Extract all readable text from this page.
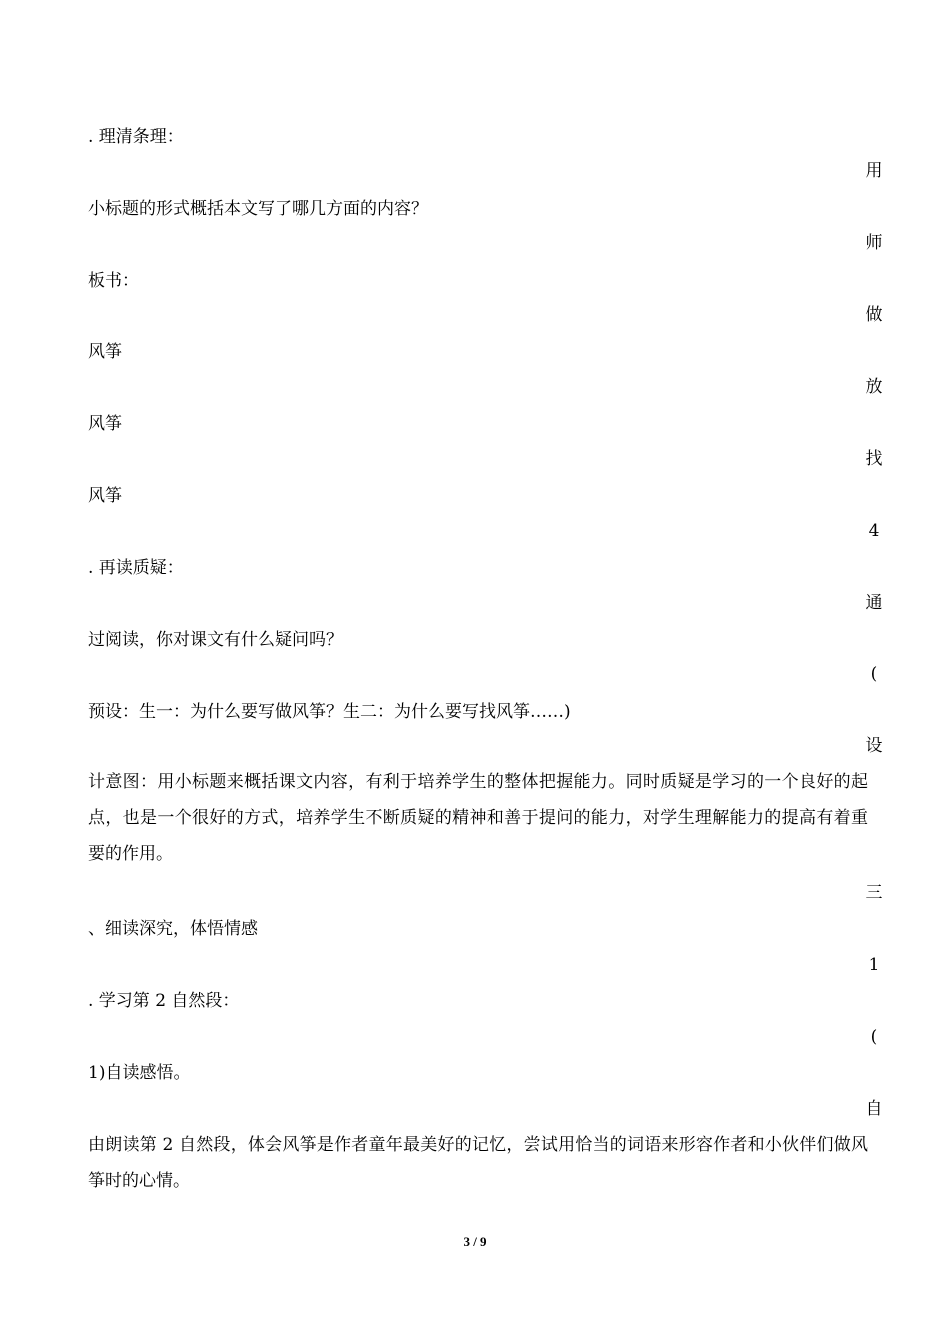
. 理清条理：
小标题的形式概括本文写了哪几方面的内容？
板书：
风筝
风筝
风筝
. 再读质疑：
过阅读，你对课文有什么疑问吗？
预设：生一：为什么要写做风筝？生二：为什么要写找风筝……)
计意图：用小标题来概括课文内容，有利于培养学生的整体把握能力。同时质疑是学习的一个良好的起点，也是一个很好的方式，培养学生不断质疑的精神和善于提问的能力，对学生理解能力的提高有着重要的作用。
、细读深究，体悟情感
. 学习第 2 自然段：
1)自读感悟。
由朗读第 2 自然段，体会风筝是作者童年最美好的记忆，尝试用恰当的词语来形容作者和小伙伴们做风筝时的心情。
用
师
做
放
找
4
通
(
设
三
1
(
自
3 / 9
